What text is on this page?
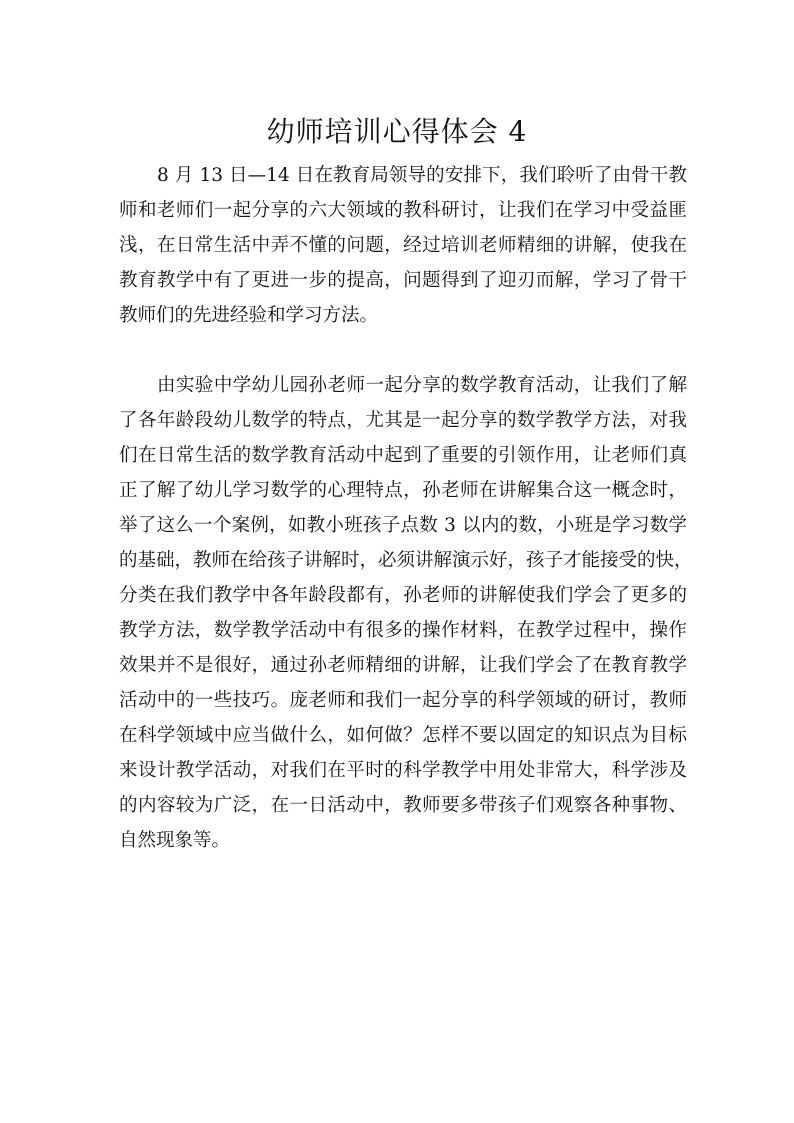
幼师培训心得体会 4
8 月 13 日—14 日在教育局领导的安排下，我们聆听了由骨干教
师和老师们一起分享的六大领域的教科研讨，让我们在学习中受益匪
浅，在日常生活中弄不懂的问题，经过培训老师精细的讲解，使我在
教育教学中有了更进一步的提高，问题得到了迎刃而解，学习了骨干
教师们的先进经验和学习方法。
由实验中学幼儿园孙老师一起分享的数学教育活动，让我们了解
了各年龄段幼儿数学的特点，尤其是一起分享的数学教学方法，对我
们在日常生活的数学教育活动中起到了重要的引领作用，让老师们真
正了解了幼儿学习数学的心理特点，孙老师在讲解集合这一概念时，
举了这么一个案例，如教小班孩子点数 3 以内的数，小班是学习数学
的基础，教师在给孩子讲解时，必须讲解演示好，孩子才能接受的快，
分类在我们教学中各年龄段都有，孙老师的讲解使我们学会了更多的
教学方法，数学教学活动中有很多的操作材料，在教学过程中，操作
效果并不是很好，通过孙老师精细的讲解，让我们学会了在教育教学
活动中的一些技巧。庞老师和我们一起分享的科学领域的研讨，教师
在科学领域中应当做什么，如何做？怎样不要以固定的知识点为目标
来设计教学活动，对我们在平时的科学教学中用处非常大，科学涉及
的内容较为广泛，在一日活动中，教师要多带孩子们观察各种事物、
自然现象等。
